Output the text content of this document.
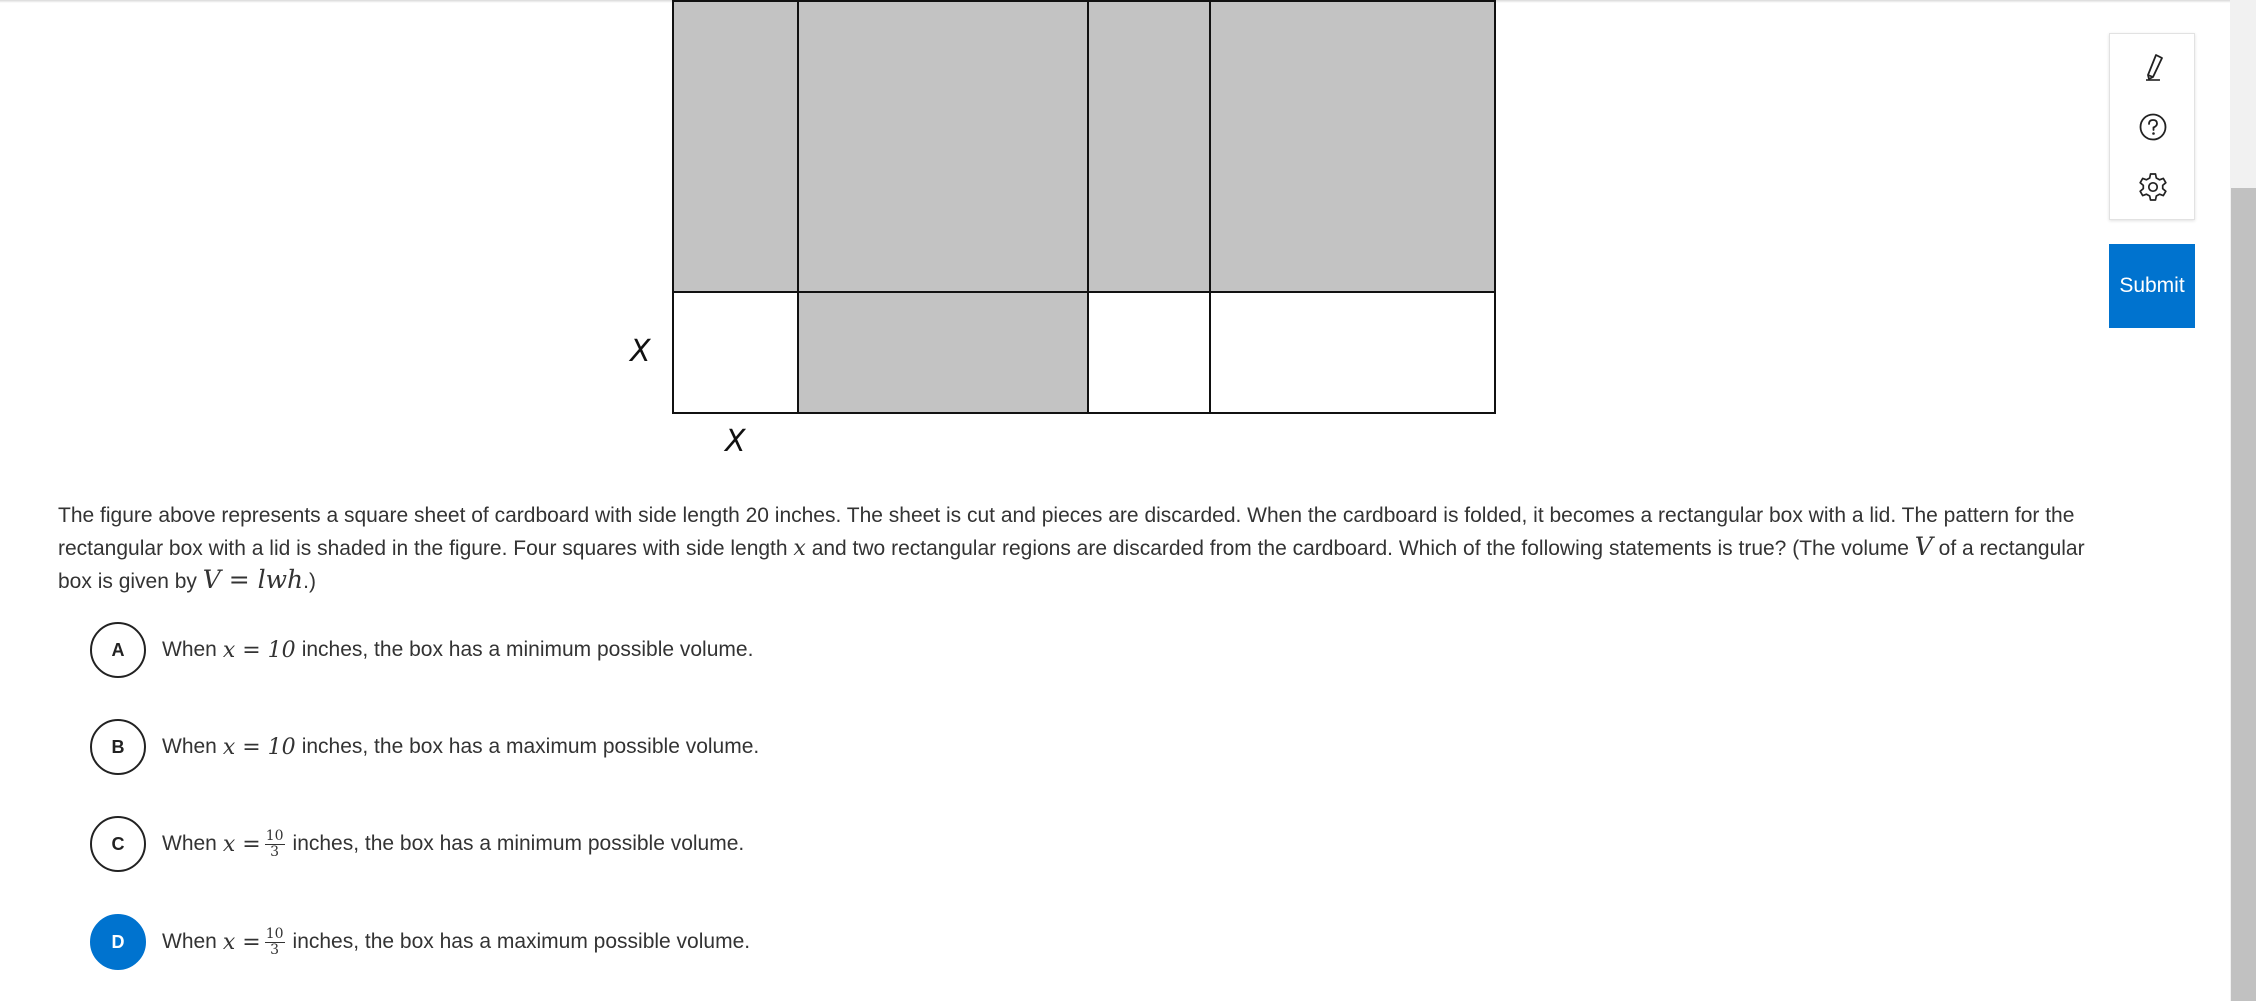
X
X
The figure above represents a square sheet of cardboard with side length 20 inches. The sheet is cut and pieces are discarded. When the cardboard is folded, it becomes a rectangular box with a lid. The pattern for the rectangular box with a lid is shaded in the figure. Four squares with side length x and two rectangular regions are discarded from the cardboard. Which of the following statements is true? (The volume V of a rectangular box is given by V = lwh.)
A	When x = 10 inches, the box has a minimum possible volume.
B	When x = 10 inches, the box has a maximum possible volume.
C	When $x = \frac{10}{3}$ inches, the box has a minimum possible volume.
D	When $x = \frac{10}{3}$ inches, the box has a maximum possible volume.
Submit
